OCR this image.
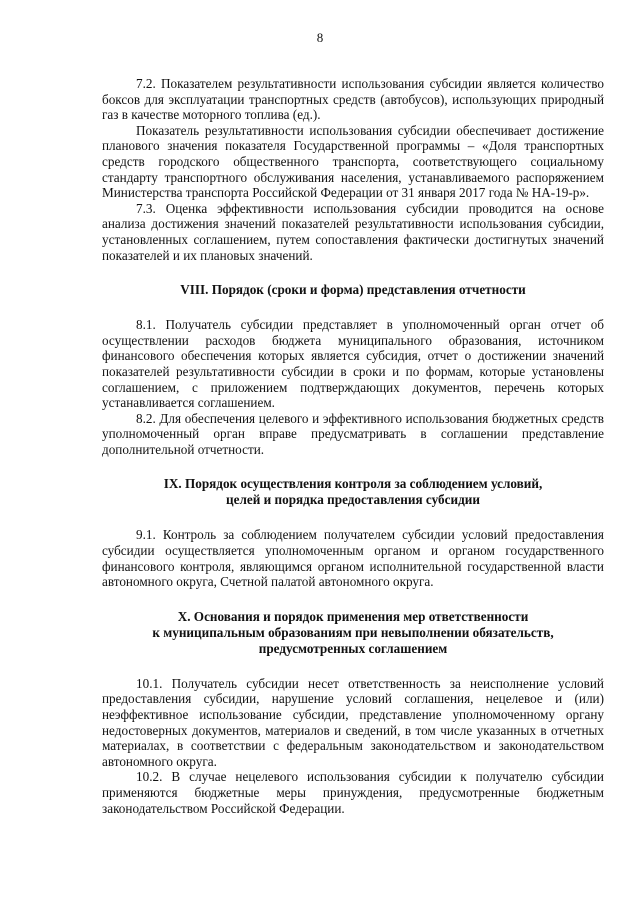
8

7.2. Показателем результативности использования субсидии является количество боксов для эксплуатации транспортных средств (автобусов), использующих природный газ в качестве моторного топлива (ед.).

Показатель результативности использования субсидии обеспечивает достижение планового значения показателя Государственной программы – «Доля транспортных средств городского общественного транспорта, соответствующего социальному стандарту транспортного обслуживания населения, устанавливаемого распоряжением Министерства транспорта Российской Федерации от 31 января 2017 года № НА-19-р».

7.3. Оценка эффективности использования субсидии проводится на основе анализа достижения значений показателей результативности использования субсидии, установленных соглашением, путем сопоставления фактически достигнутых значений показателей и их плановых значений.

VIII. Порядок (сроки и форма) представления отчетности

8.1. Получатель субсидии представляет в уполномоченный орган отчет об осуществлении расходов бюджета муниципального образования, источником финансового обеспечения которых является субсидия, отчет о достижении значений показателей результативности субсидии в сроки и по формам, которые установлены соглашением, с приложением подтверждающих документов, перечень которых устанавливается соглашением.

8.2. Для обеспечения целевого и эффективного использования бюджетных средств уполномоченный орган вправе предусматривать в соглашении представление дополнительной отчетности.

IX. Порядок осуществления контроля за соблюдением условий,
целей и порядка предоставления субсидии

9.1. Контроль за соблюдением получателем субсидии условий предоставления субсидии осуществляется уполномоченным органом и органом государственного финансового контроля, являющимся органом исполнительной государственной власти автономного округа, Счетной палатой автономного округа.

X. Основания и порядок применения мер ответственности
к муниципальным образованиям при невыполнении обязательств,
предусмотренных соглашением

10.1. Получатель субсидии несет ответственность за неисполнение условий предоставления субсидии, нарушение условий соглашения, нецелевое и (или) неэффективное использование субсидии, представление уполномоченному органу недостоверных документов, материалов и сведений, в том числе указанных в отчетных материалах, в соответствии с федеральным законодательством и законодательством автономного округа.

10.2. В случае нецелевого использования субсидии к получателю субсидии применяются бюджетные меры принуждения, предусмотренные бюджетным законодательством Российской Федерации.
